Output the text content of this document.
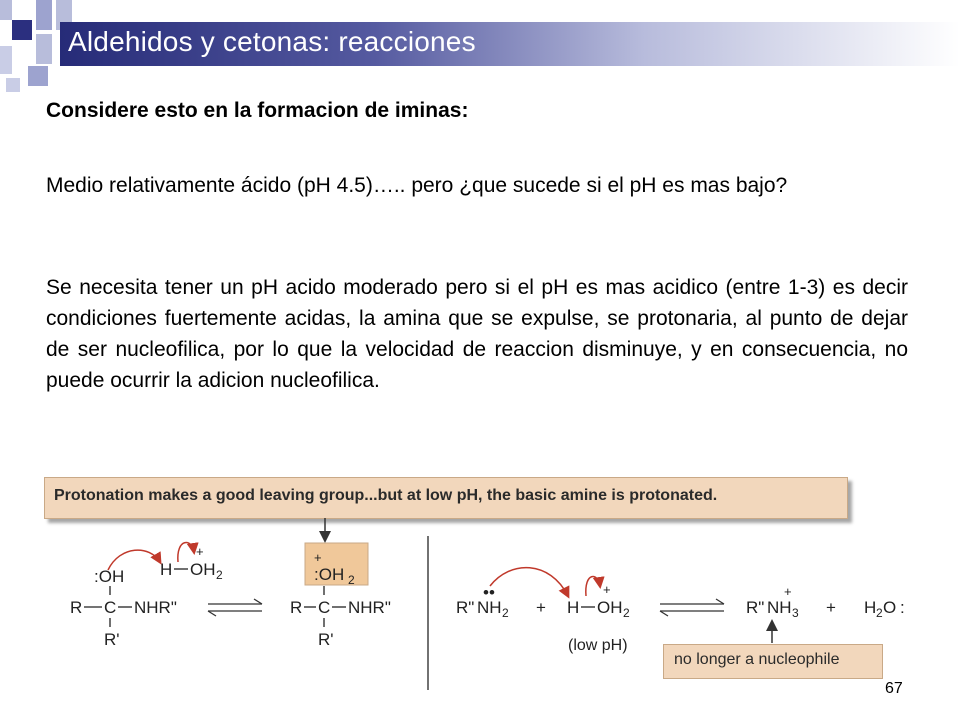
Aldehidos y cetonas: reacciones
Considere esto en la formacion de iminas:
Medio relativamente ácido (pH 4.5)….. pero ¿que sucede si el pH es mas bajo?
Se necesita tener un pH acido moderado pero si el pH es mas acidico (entre 1-3) es decir condiciones fuertemente acidas, la amina que se expulse, se protonaria, al punto de dejar de ser nucleofilica, por lo que la velocidad de reaccion disminuye, y en consecuencia, no puede ocurrir la adicion nucleofilica.
Protonation makes a good leaving group...but at low pH, the basic amine is protonated.
no longer a nucleophile
:OH
R C NHR"
R'
H OH 2
+	+
:OH 2
R C NHR"
R'
R" NH 2
••
+ H OH 2
+
R" NH 3
+
+ H 2 O :
(low pH)
67
